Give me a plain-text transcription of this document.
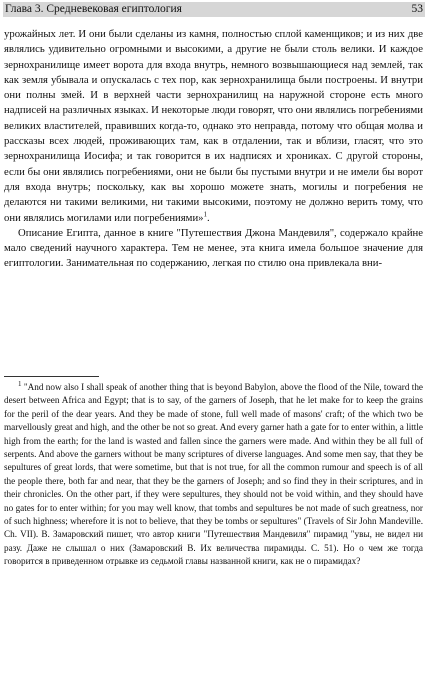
Глава 3. Средневековая египтология	53

урожайных лет. И они были сделаны из камня, полностью сплой каменщиков; и из них две являлись удивительно огромными и высокими, а другие не были столь велики. И каждое зернохранилище имеет ворота для входа внутрь, немного возвышающиеся над землей, так как земля убывала и опускалась с тех пор, как зернохранилища были построены. И внутри они полны змей. И в верхней части зернохранилищ на наружной стороне есть много надписей на различных языках. И некоторые люди говорят, что они являлись погребениями великих властителей, правивших когда-то, однако это неправда, потому что общая молва и рассказы всех людей, проживающих там, как в отдалении, так и вблизи, гласят, что это зернохранилища Иосифа; и так говорится в их надписях и хрониках. С другой стороны, если бы они являлись погребениями, они не были бы пустыми внутри и не имели бы ворот для входа внутрь; поскольку, как вы хорошо можете знать, могилы и погребения не делаются ни такими великими, ни такими высокими, поэтому не должно верить тому, что они являлись могилами или погребениями»$^1$.

Описание Египта, данное в книге "Путешествия Джона Мандевиля", содержало крайне мало сведений научного характера. Тем не менее, эта книга имела большое значение для египтологии. Занимательная по содержанию, легкая по стилю она привлекала вни-

$^1$ "And now also I shall speak of another thing that is beyond Babylon, above the flood of the Nile, toward the desert between Africa and Egypt; that is to say, of the garners of Joseph, that he let make for to keep the grains for the peril of the dear years. And they be made of stone, full well made of masons' craft; of the which two be marvellously great and high, and the other be not so great. And every garner hath a gate for to enter within, a little high from the earth; for the land is wasted and fallen since the garners were made. And within they be all full of serpents. And above the garners without be many scriptures of diverse languages. And some men say, that they be sepultures of great lords, that were sometime, but that is not true, for all the common rumour and speech is of all the people there, both far and near, that they be the garners of Joseph; and so find they in their scriptures, and in their chronicles. On the other part, if they were sepultures, they should not be void within, and they should have no gates for to enter within; for you may well know, that tombs and sepultures be not made of such greatness, nor of such highness; wherefore it is not to believe, that they be tombs or sepultures" (Travels of Sir John Mandeville. Ch. VII). В. Замаровский пишет, что автор книги "Путешествия Мандевиля" пирамид "увы, не видел ни разу. Даже не слышал о них (Замаровский В. Их величества пирамиды. С. 51). Но о чем же тогда говорится в приведенном отрывке из седьмой главы названной книги, как не о пирамидах?
